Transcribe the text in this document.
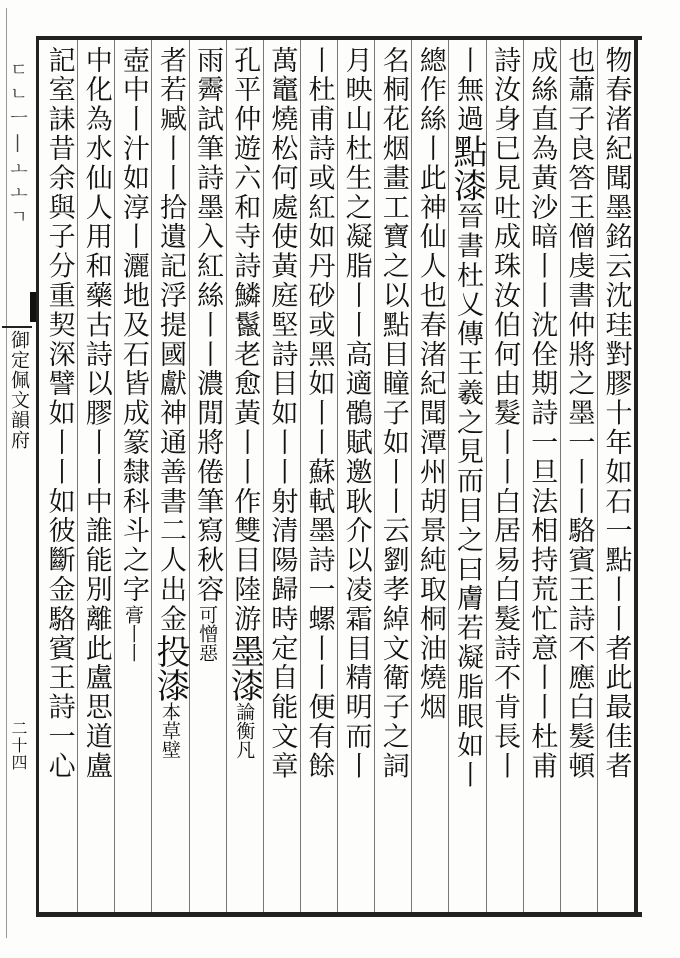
ㄷㄴㅡ|ㅗㅗㄱ
御定佩文韻府
二十四	物春渚紀聞墨銘云沈珪對膠十年如石一點丨丨者此最佳者
也蕭子良答王僧虔書仲將之墨一丨丨駱賓王詩不應白髮頓
成絲直為黃沙暗丨丨沈佺期詩一旦法相持荒忙意丨丨杜甫
詩汝身已見吐成珠汝伯何由髮丨丨白居易白髮詩不肯長丨
丨無過點漆晉書杜乂傳王羲之見而目之曰膚若凝脂眼如丨
總作絲丨此神仙人也春渚紀聞潭州胡景純取桐油燒烟
名桐花烟畫工寶之以點目瞳子如丨丨云劉孝綽文衛子之詞
月映山杜生之凝脂丨丨高適鶻賦邀耿介以凌霜目精明而丨
丨杜甫詩或紅如丹砂或黑如丨丨蘇軾墨詩一螺丨丨便有餘
萬竈燒松何處使黃庭堅詩目如丨丨射清陽歸時定自能文章
孔平仲遊六和寺詩鱗鬣老愈黃丨丨作雙目陸游墨漆論衡凡
雨霽試筆詩墨入紅絲丨丨濃閒將倦筆寫秋容可憎惡
者若臧丨丨拾遺記浮提國獻神通善書二人出金投漆本草壁
壺中丨汁如淳丨灑地及石皆成篆隸科斗之字膏丨丨
中化為水仙人用和藥古詩以膠丨丨中誰能別離此盧思道盧
記室誄昔余與子分重契深譬如丨丨如彼斷金駱賓王詩一心
